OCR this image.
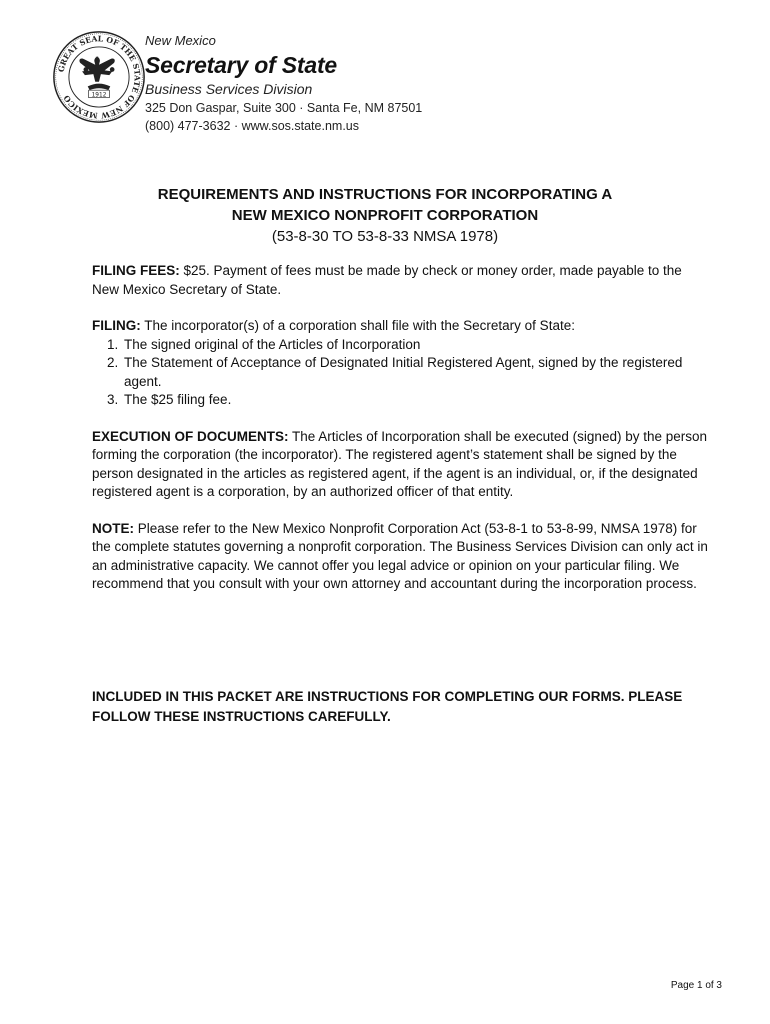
GREAT SEAL OF THE STATE OF NEW MEXICO	1912
New Mexico
Secretary of State
Business Services Division
325 Don Gaspar, Suite 300 · Santa Fe, NM 87501
(800) 477-3632 · www.sos.state.nm.us
REQUIREMENTS AND INSTRUCTIONS FOR INCORPORATING A
NEW MEXICO NONPROFIT CORPORATION
(53-8-30 TO 53-8-33 NMSA 1978)

FILING FEES: $25. Payment of fees must be made by check or money order, made payable to the New Mexico Secretary of State.

FILING: The incorporator(s) of a corporation shall file with the Secretary of State:

1. The signed original of the Articles of Incorporation
2. The Statement of Acceptance of Designated Initial Registered Agent, signed by the registered agent.
3. The $25 filing fee.

EXECUTION OF DOCUMENTS: The Articles of Incorporation shall be executed (signed) by the person forming the corporation (the incorporator). The registered agent’s statement shall be signed by the person designated in the articles as registered agent, if the agent is an individual, or, if the designated registered agent is a corporation, by an authorized officer of that entity.

NOTE: Please refer to the New Mexico Nonprofit Corporation Act (53-8-1 to 53-8-99, NMSA 1978) for the complete statutes governing a nonprofit corporation. The Business Services Division can only act in an administrative capacity. We cannot offer you legal advice or opinion on your particular filing. We recommend that you consult with your own attorney and accountant during the incorporation process.

INCLUDED IN THIS PACKET ARE INSTRUCTIONS FOR COMPLETING OUR FORMS. PLEASE FOLLOW THESE INSTRUCTIONS CAREFULLY.
Page 1 of 3
